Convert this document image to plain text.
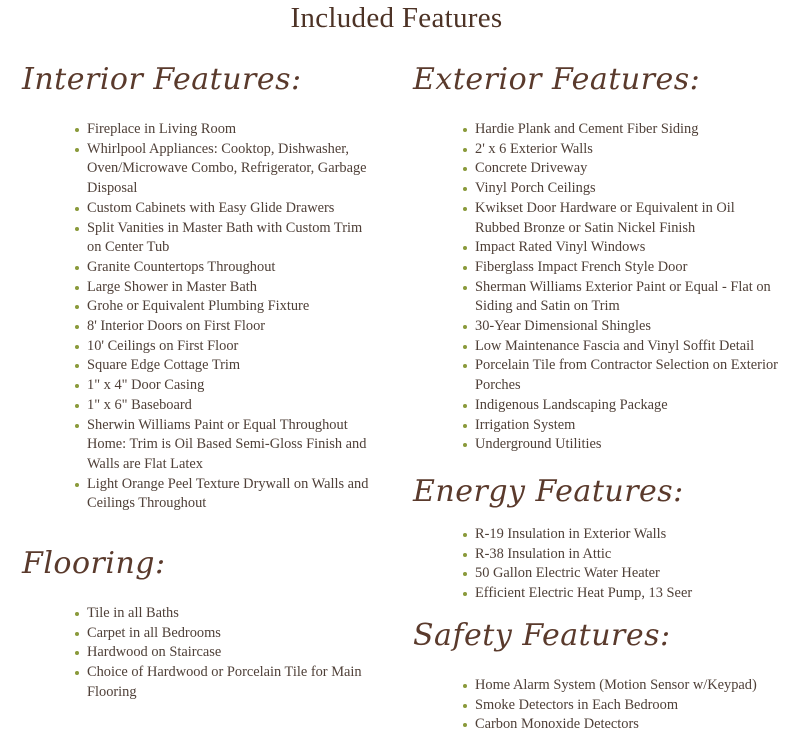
Included Features
Interior Features:
Fireplace in Living Room
Whirlpool Appliances: Cooktop, Dishwasher, Oven/Microwave Combo, Refrigerator, Garbage Disposal
Custom Cabinets with Easy Glide Drawers
Split Vanities in Master Bath with Custom Trim on Center Tub
Granite Countertops Throughout
Large Shower in Master Bath
Grohe or Equivalent Plumbing Fixture
8' Interior Doors on First Floor
10' Ceilings on First Floor
Square Edge Cottage Trim
1" x 4" Door Casing
1" x 6" Baseboard
Sherwin Williams Paint or Equal Throughout Home: Trim is Oil Based Semi-Gloss Finish and Walls are Flat Latex
Light Orange Peel Texture Drywall on Walls and Ceilings Throughout
Flooring:
Tile in all Baths
Carpet in all Bedrooms
Hardwood on Staircase
Choice of Hardwood or Porcelain Tile for Main Flooring
Exterior Features:
Hardie Plank and Cement Fiber Siding
2' x 6 Exterior Walls
Concrete Driveway
Vinyl Porch Ceilings
Kwikset Door Hardware or Equivalent in Oil Rubbed Bronze or Satin Nickel Finish
Impact Rated Vinyl Windows
Fiberglass Impact French Style Door
Sherman Williams Exterior Paint or Equal - Flat on Siding and Satin on Trim
30-Year Dimensional Shingles
Low Maintenance Fascia and Vinyl Soffit Detail
Porcelain Tile from Contractor Selection on Exterior Porches
Indigenous Landscaping Package
Irrigation System
Underground Utilities
Energy Features:
R-19 Insulation in Exterior Walls
R-38 Insulation in Attic
50 Gallon Electric Water Heater
Efficient Electric Heat Pump, 13 Seer
Safety Features:
Home Alarm System (Motion Sensor w/Keypad)
Smoke Detectors in Each Bedroom
Carbon Monoxide Detectors
